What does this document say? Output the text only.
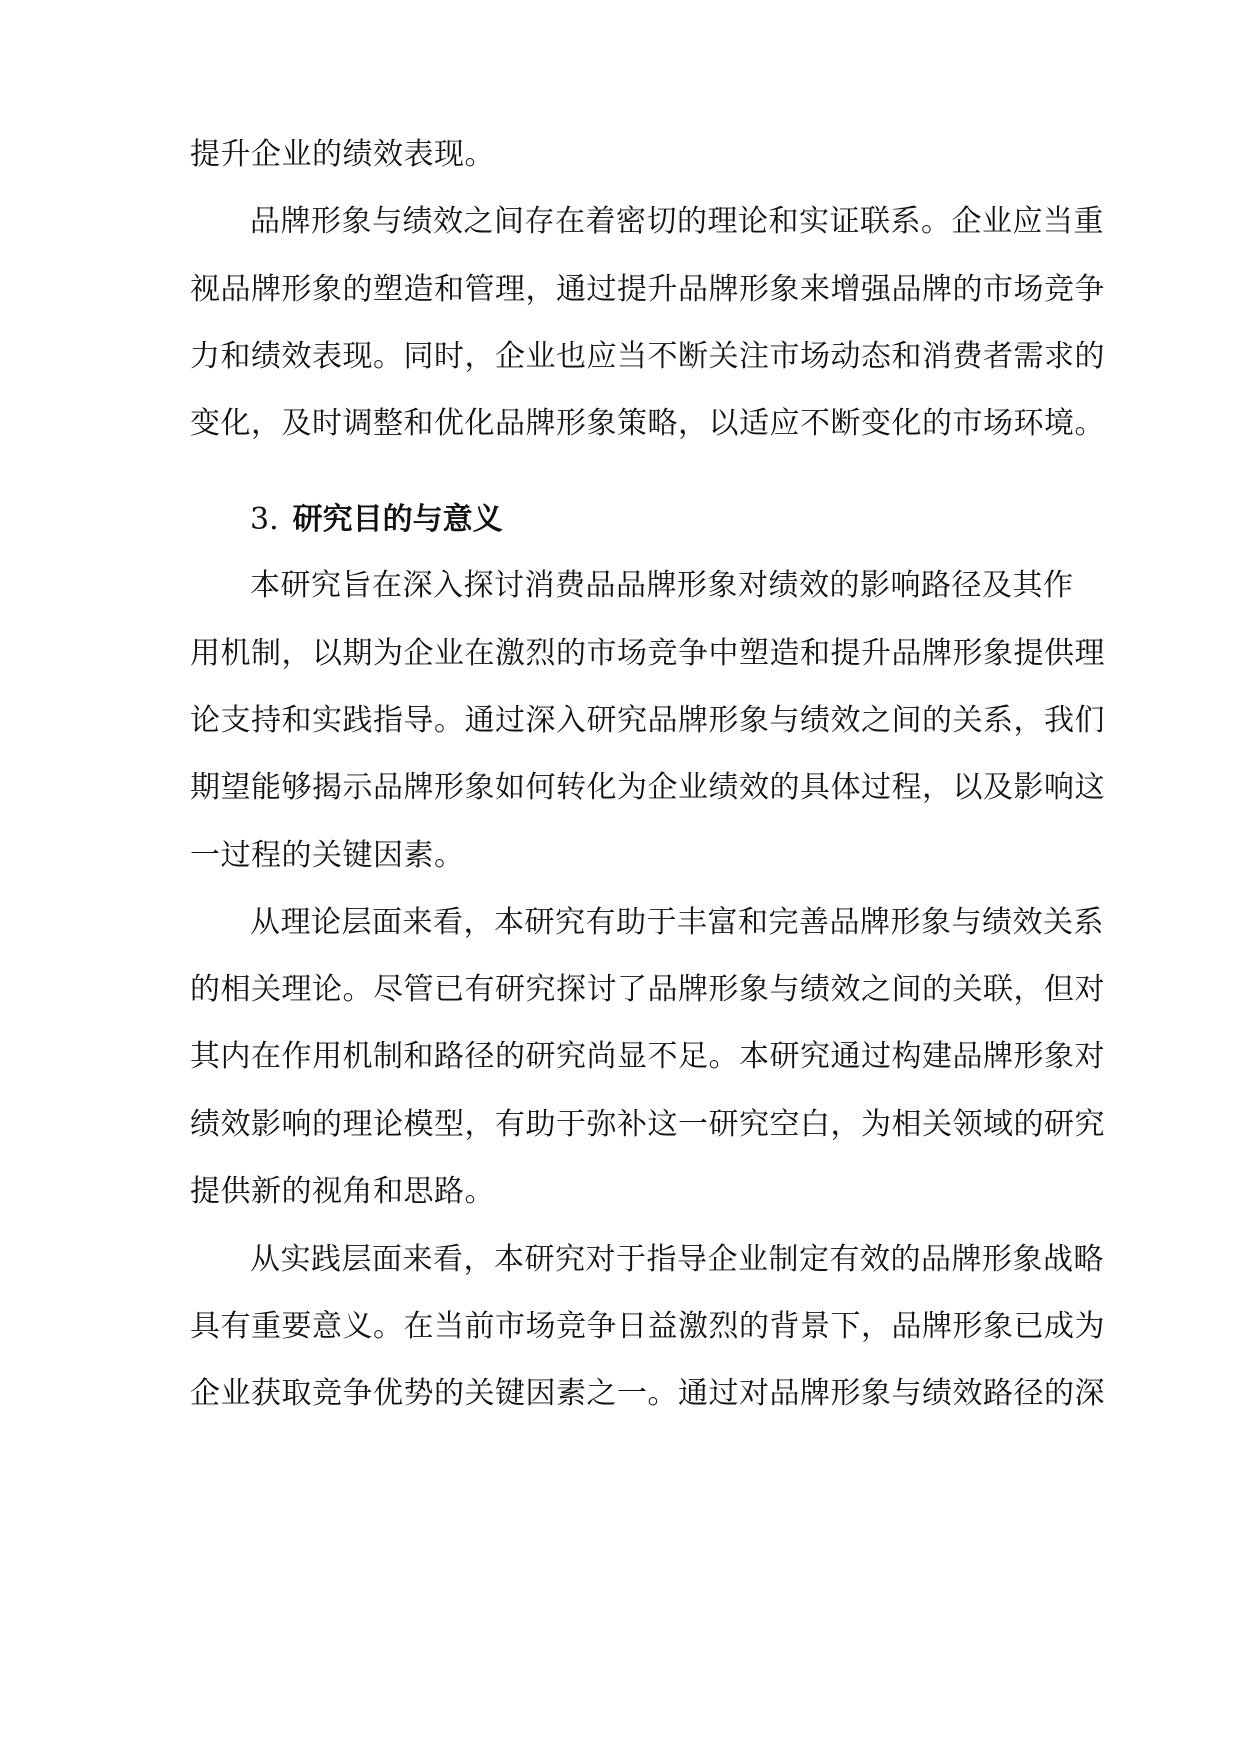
提升企业的绩效表现。
品牌形象与绩效之间存在着密切的理论和实证联系。企业应当重
视品牌形象的塑造和管理，通过提升品牌形象来增强品牌的市场竞争
力和绩效表现。同时，企业也应当不断关注市场动态和消费者需求的
变化，及时调整和优化品牌形象策略，以适应不断变化的市场环境。
3. 研究目的与意义
本研究旨在深入探讨消费品品牌形象对绩效的影响路径及其作
用机制，以期为企业在激烈的市场竞争中塑造和提升品牌形象提供理
论支持和实践指导。通过深入研究品牌形象与绩效之间的关系，我们
期望能够揭示品牌形象如何转化为企业绩效的具体过程，以及影响这
一过程的关键因素。
从理论层面来看，本研究有助于丰富和完善品牌形象与绩效关系
的相关理论。尽管已有研究探讨了品牌形象与绩效之间的关联，但对
其内在作用机制和路径的研究尚显不足。本研究通过构建品牌形象对
绩效影响的理论模型，有助于弥补这一研究空白，为相关领域的研究
提供新的视角和思路。
从实践层面来看，本研究对于指导企业制定有效的品牌形象战略
具有重要意义。在当前市场竞争日益激烈的背景下，品牌形象已成为
企业获取竞争优势的关键因素之一。通过对品牌形象与绩效路径的深
